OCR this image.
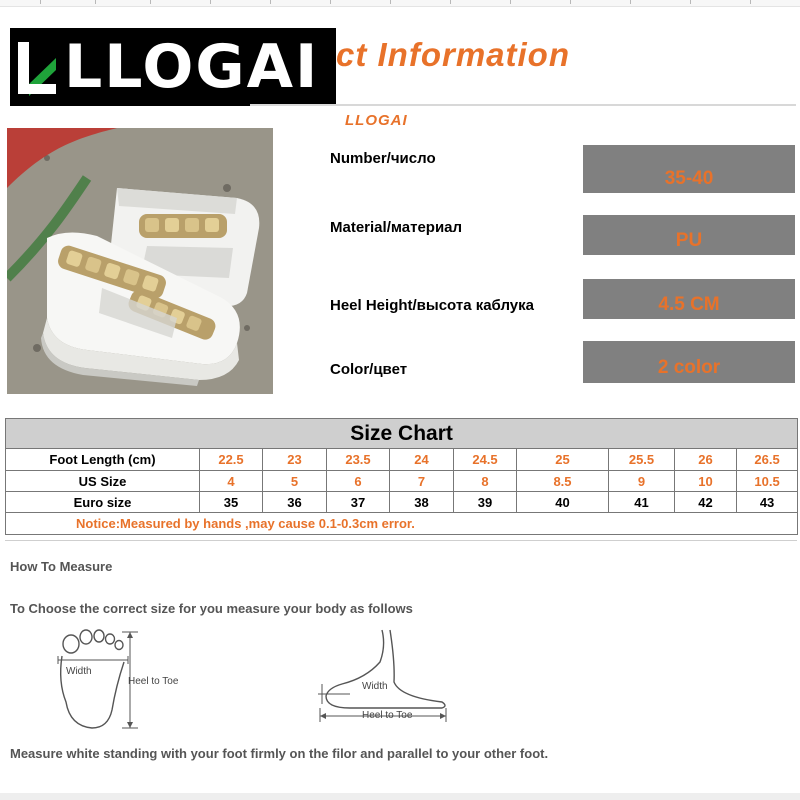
LLOGAI ct Information
LLOGAI
Number/число
35-40
Material/материал
PU
Heel Height/высота каблука	4.5 CM
Color/цвет	2 color
Size Chart									
Foot Length (cm)	22.5	23	23.5	24	24.5	25	25.5	26	26.5
US Size	4	5	6	7	8	8.5	9	10	10.5
Euro size	35	36	37	38	39	40	41	42	43
Notice:Measured by hands ,may cause 0.1-0.3cm error.									
How To Measure
To Choose the correct size for you measure your body as follows
Width
Heel to Toe	Width
Heel to Toe
Measure white standing with your foot firmly on the filor and parallel to your other foot.
